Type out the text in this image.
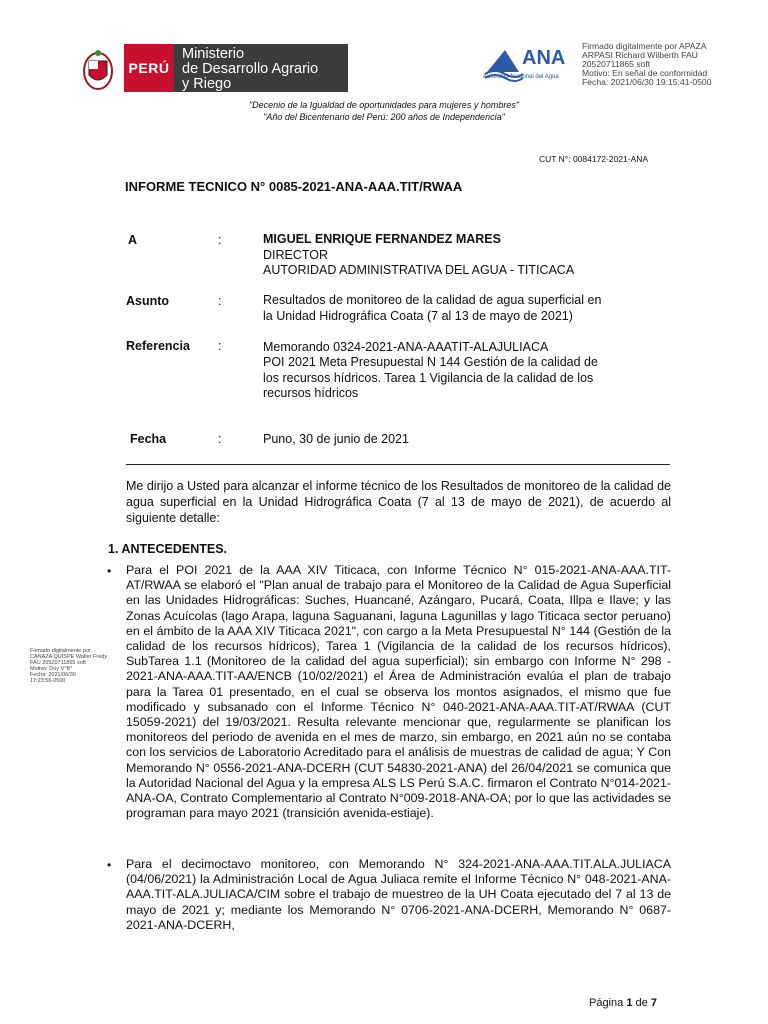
PERÚ
Ministerio
de Desarrollo Agrario
y Riego
ANA
Autoridad Nacional del Agua
Firmado digitalmente por APAZA
ARPASI Richard Wilberth FAU
20520711865 soft
Motivo: En señal de conformidad
Fecha: 2021/06/30 19:15:41-0500
"Decenio de la Igualdad de oportunidades para mujeres y hombres"
"Año del Bicentenario del Perú: 200 años de Independencia"
CUT N°: 0084172-2021-ANA
INFORME TECNICO N° 0085-2021-ANA-AAA.TIT/RWAA
A	:	MIGUEL ENRIQUE FERNANDEZ MARES
DIRECTOR
AUTORIDAD ADMINISTRATIVA DEL AGUA - TITICACA
Asunto	:	Resultados de monitoreo de la calidad de agua superficial en
la Unidad Hidrográfica Coata (7 al 13 de mayo de 2021)
Referencia :	Memorando 0324-2021-ANA-AAATIT-ALAJULIACA
POI 2021 Meta Presupuestal N 144 Gestión de la calidad de
los recursos hídricos. Tarea 1 Vigilancia de la calidad de los
recursos hídricos
Fecha	:	Puno, 30 de junio de 2021
Me dirijo a Usted para alcanzar el informe técnico de los Resultados de monitoreo de la calidad de agua superficial en la Unidad Hidrográfica Coata (7 al 13 de mayo de 2021), de acuerdo al siguiente detalle:
1. ANTECEDENTES.
• Para el POI 2021 de la AAA XIV Titicaca, con Informe Técnico N° 015-2021-ANA-AAA.TIT-AT/RWAA se elaboró el "Plan anual de trabajo para el Monitoreo de la Calidad de Agua Superficial en las Unidades Hidrográficas: Suches, Huancané, Azángaro, Pucará, Coata, Illpa e Ilave; y las Zonas Acuícolas (lago Arapa, laguna Saguanani, laguna Lagunillas y lago Titicaca sector peruano) en el ámbito de la AAA XIV Titicaca 2021", con cargo a la Meta Presupuestal N° 144 (Gestión de la calidad de los recursos hídricos), Tarea 1 (Vigilancia de la calidad de los recursos hídricos), SubTarea 1.1 (Monitoreo de la calidad del agua superficial); sin embargo con Informe N° 298 - 2021-ANA-AAA.TIT-AA/ENCB (10/02/2021) el Área de Administración evalúa el plan de trabajo para la Tarea 01 presentado, en el cual se observa los montos asignados, el mismo que fue modificado y subsanado con el Informe Técnico N° 040-2021-ANA-AAA.TIT-AT/RWAA (CUT 15059-2021) del 19/03/2021. Resulta relevante mencionar que, regularmente se planifican los monitoreos del periodo de avenida en el mes de marzo, sin embargo, en 2021 aún no se contaba con los servicios de Laboratorio Acreditado para el análisis de muestras de calidad de agua; Y Con Memorando N° 0556-2021-ANA-DCERH (CUT 54830-2021-ANA) del 26/04/2021 se comunica que la Autoridad Nacional del Agua y la empresa ALS LS Perú S.A.C. firmaron el Contrato N°014-2021-ANA-OA, Contrato Complementario al Contrato N°009-2018-ANA-OA; por lo que las actividades se programan para mayo 2021 (transición avenida-estiaje).
• Para el decimoctavo monitoreo, con Memorando N° 324-2021-ANA-AAA.TIT.ALA.JULIACA (04/06/2021) la Administración Local de Agua Juliaca remite el Informe Técnico N° 048-2021-ANA-AAA.TIT-ALA.JULIACA/CIM sobre el trabajo de muestreo de la UH Coata ejecutado del 7 al 13 de mayo de 2021 y; mediante los Memorando N° 0706-2021-ANA-DCERH, Memorando N° 0687-2021-ANA-DCERH,
Firmado digitalmente por
CANAZA QUISPE Walter Fredy
FAU 20520711865 soft
Motivo: Doy V°B°
Fecha: 2021/06/30
17:23:56-0500
Página 1 de 7
